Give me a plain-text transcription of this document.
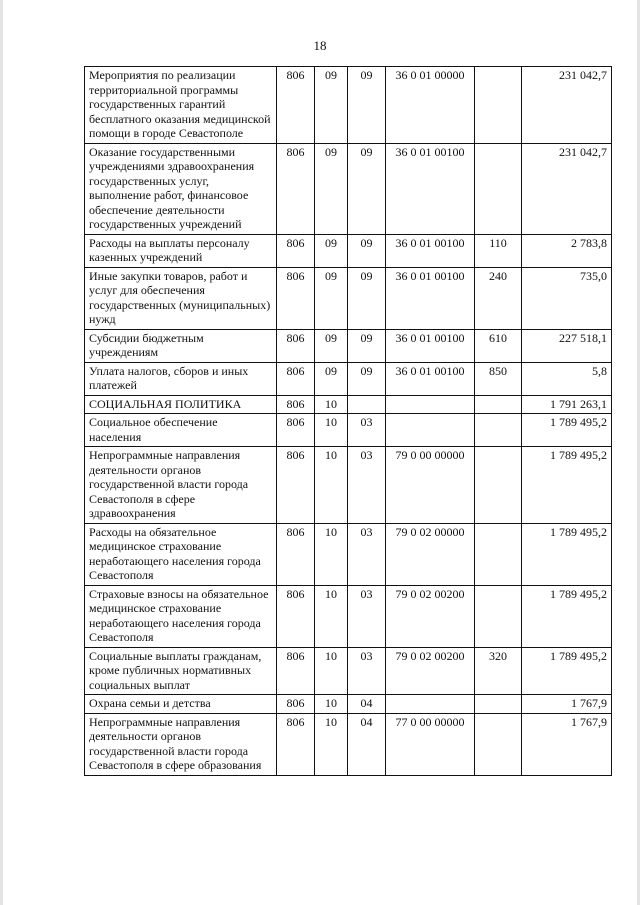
18
Мероприятия по реализации территориальной программы государственных гарантий бесплатного оказания медицинской помощи в городе Севастополе	806	09	09	36 0 01 00000		231 042,7
Оказание государственными учреждениями здравоохранения государственных услуг, выполнение работ, финансовое обеспечение деятельности государственных учреждений	806	09	09	36 0 01 00100		231 042,7
Расходы на выплаты персоналу казенных учреждений	806	09	09	36 0 01 00100	110	2 783,8
Иные закупки товаров, работ и услуг для обеспечения государственных (муниципальных) нужд	806	09	09	36 0 01 00100	240	735,0
Субсидии бюджетным учреждениям	806	09	09	36 0 01 00100	610	227 518,1
Уплата налогов, сборов и иных платежей	806	09	09	36 0 01 00100	850	5,8
СОЦИАЛЬНАЯ ПОЛИТИКА	806	10				1 791 263,1
Социальное обеспечение населения	806	10	03			1 789 495,2
Непрограммные направления деятельности органов государственной власти города Севастополя в сфере здравоохранения	806	10	03	79 0 00 00000		1 789 495,2
Расходы на обязательное медицинское страхование неработающего населения города Севастополя	806	10	03	79 0 02 00000		1 789 495,2
Страховые взносы на обязательное медицинское страхование неработающего населения города Севастополя	806	10	03	79 0 02 00200		1 789 495,2
Социальные выплаты гражданам, кроме публичных нормативных социальных выплат	806	10	03	79 0 02 00200	320	1 789 495,2
Охрана семьи и детства	806	10	04			1 767,9
Непрограммные направления деятельности органов государственной власти города Севастополя в сфере образования	806	10	04	77 0 00 00000		1 767,9
